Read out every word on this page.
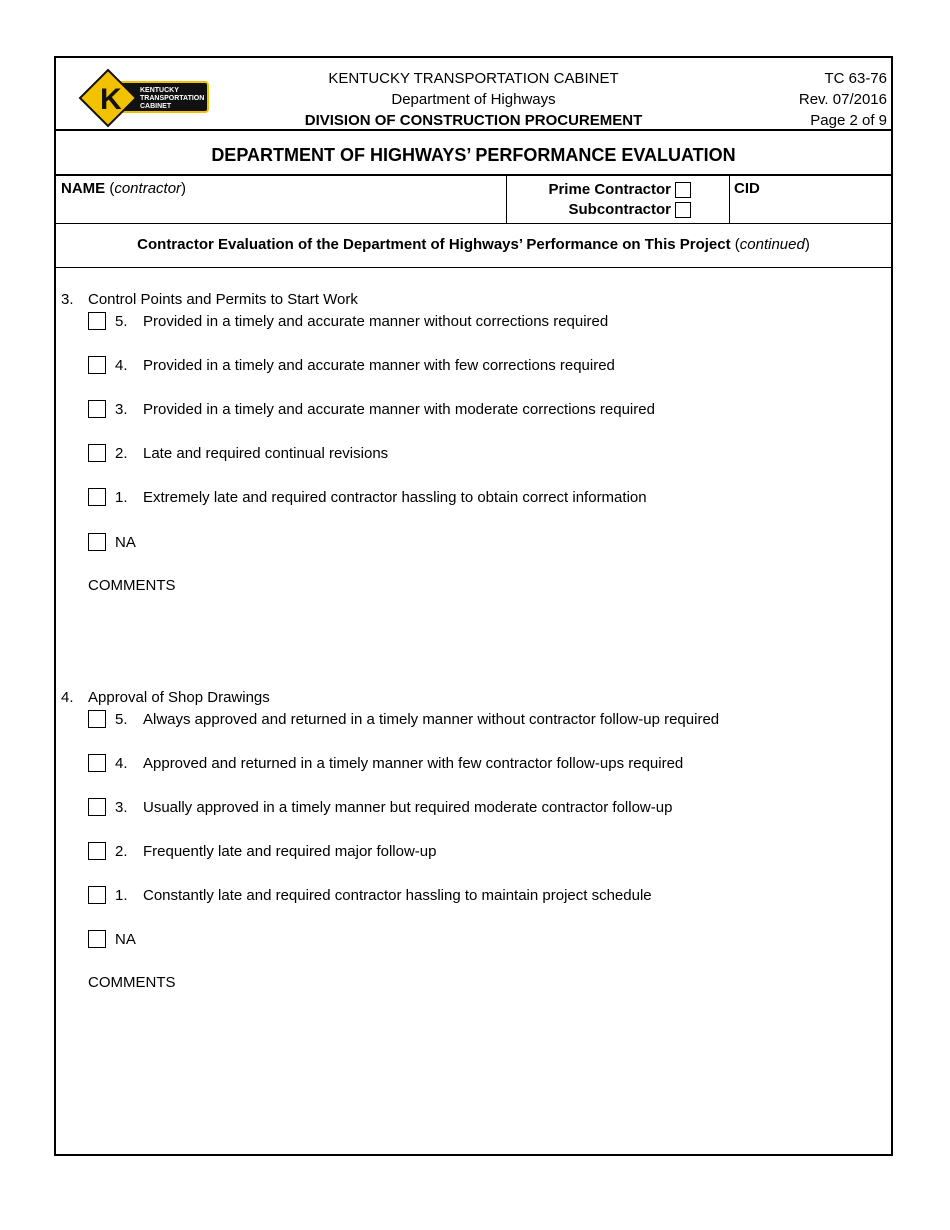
K	KENTUCKY
TRANSPORTATION
CABINET
KENTUCKY TRANSPORTATION CABINET
Department of Highways
DIVISION OF CONSTRUCTION PROCUREMENT
TC 63-76
Rev. 07/2016
Page 2 of 9
DEPARTMENT OF HIGHWAYS’ PERFORMANCE EVALUATION
NAME (contractor)	Prime Contractor
Subcontractor
CID
Contractor Evaluation of the Department of Highways’ Performance on This Project (continued)
3. Control Points and Permits to Start Work
5.	Provided in a timely and accurate manner without corrections required
4.	Provided in a timely and accurate manner with few corrections required
3.	Provided in a timely and accurate manner with moderate corrections required
2.	Late and required continual revisions
1.	Extremely late and required contractor hassling to obtain correct information
NA
COMMENTS
4. Approval of Shop Drawings
5.	Always approved and returned in a timely manner without contractor follow-up required
4.	Approved and returned in a timely manner with few contractor follow-ups required
3.	Usually approved in a timely manner but required moderate contractor follow-up
2.	Frequently late and required major follow-up
1.	Constantly late and required contractor hassling to maintain project schedule
NA
COMMENTS
